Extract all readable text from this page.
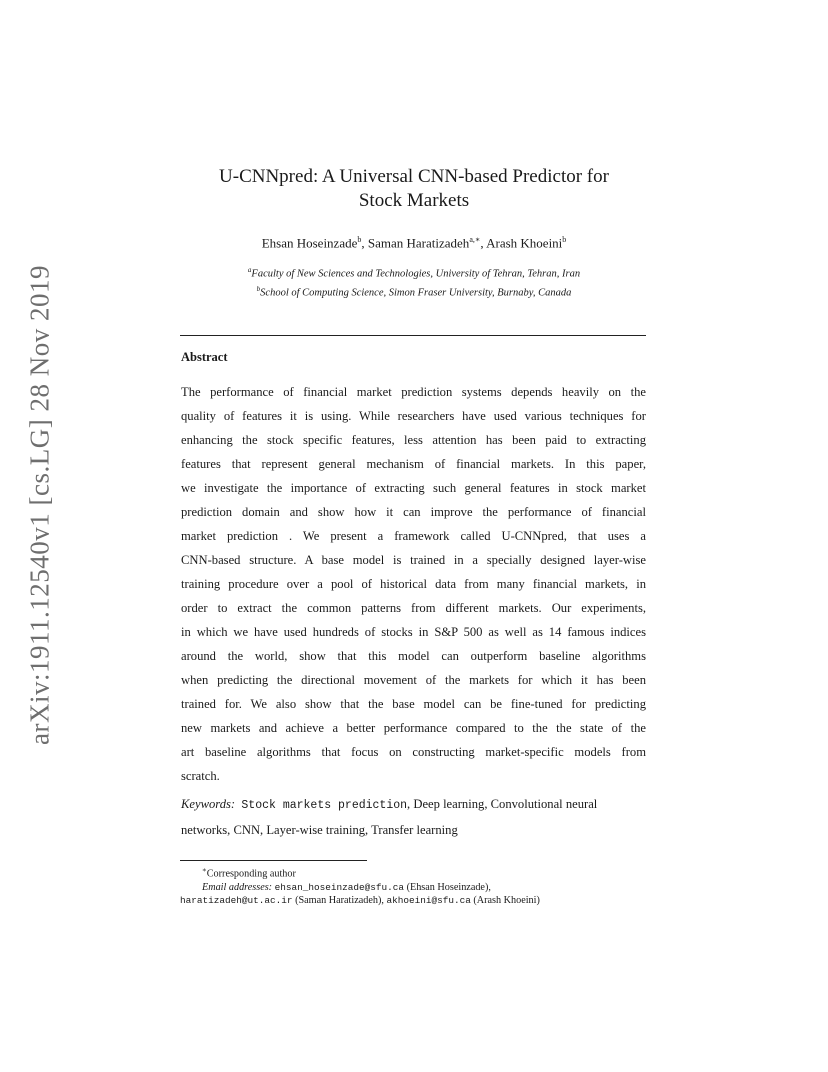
arXiv:1911.12540v1 [cs.LG] 28 Nov 2019
U-CNNpred: A Universal CNN-based Predictor for
Stock Markets
Ehsan Hoseinzade$^b$, Saman Haratizadeh$^{a,∗}$, Arash Khoeini$^b$
$^a$Faculty of New Sciences and Technologies, University of Tehran, Tehran, Iran
$^b$School of Computing Science, Simon Fraser University, Burnaby, Canada
Abstract
The performance of financial market prediction systems depends heavily on the
quality of features it is using. While researchers have used various techniques for
enhancing the stock specific features, less attention has been paid to extracting
features that represent general mechanism of financial markets. In this paper,
we investigate the importance of extracting such general features in stock market
prediction domain and show how it can improve the performance of financial
market prediction . We present a framework called U-CNNpred, that uses a
CNN-based structure. A base model is trained in a specially designed layer-wise
training procedure over a pool of historical data from many financial markets, in
order to extract the common patterns from different markets. Our experiments,
in which we have used hundreds of stocks in S&P 500 as well as 14 famous indices
around the world, show that this model can outperform baseline algorithms
when predicting the directional movement of the markets for which it has been
trained for. We also show that the base model can be fine-tuned for predicting
new markets and achieve a better performance compared to the the state of the
art baseline algorithms that focus on constructing market-specific models from
scratch.
Keywords: Stock markets prediction, Deep learning, Convolutional neural
networks, CNN, Layer-wise training, Transfer learning
∗Corresponding author
Email addresses: ehsan_hoseinzade@sfu.ca (Ehsan Hoseinzade),
haratizadeh@ut.ac.ir (Saman Haratizadeh), akhoeini@sfu.ca (Arash Khoeini)
